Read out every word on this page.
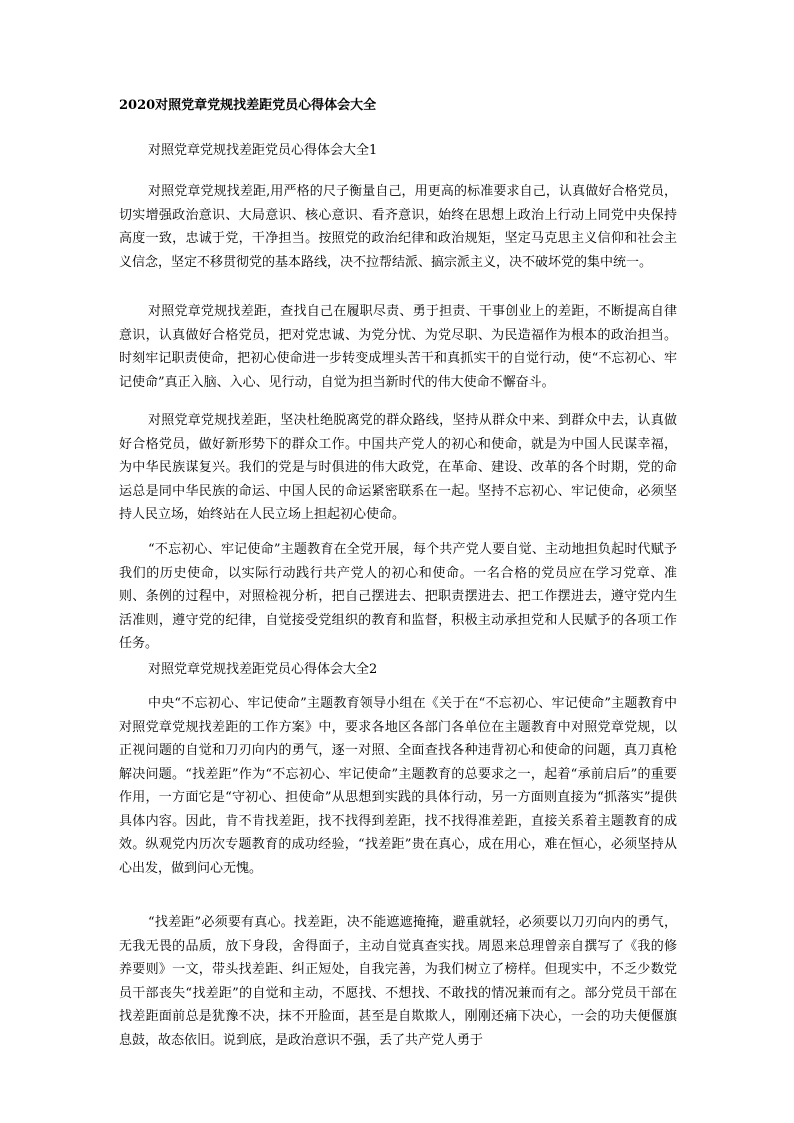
2020对照党章党规找差距党员心得体会大全
对照党章党规找差距党员心得体会大全1

对照党章党规找差距,用严格的尺子衡量自己，用更高的标准要求自己，认真做好合格党员，切实增强政治意识、大局意识、核心意识、看齐意识，始终在思想上政治上行动上同党中央保持高度一致，忠诚于党，干净担当。按照党的政治纪律和政治规矩，坚定马克思主义信仰和社会主义信念，坚定不移贯彻党的基本路线，决不拉帮结派、搞宗派主义，决不破坏党的集中统一。

对照党章党规找差距，查找自己在履职尽责、勇于担责、干事创业上的差距，不断提高自律意识，认真做好合格党员，把对党忠诚、为党分忧、为党尽职、为民造福作为根本的政治担当。时刻牢记职责使命，把初心使命进一步转变成埋头苦干和真抓实干的自觉行动，使“不忘初心、牢记使命”真正入脑、入心、见行动，自觉为担当新时代的伟大使命不懈奋斗。

对照党章党规找差距，坚决杜绝脱离党的群众路线，坚持从群众中来、到群众中去，认真做好合格党员，做好新形势下的群众工作。中国共产党人的初心和使命，就是为中国人民谋幸福，为中华民族谋复兴。我们的党是与时俱进的伟大政党，在革命、建设、改革的各个时期，党的命运总是同中华民族的命运、中国人民的命运紧密联系在一起。坚持不忘初心、牢记使命，必须坚持人民立场，始终站在人民立场上担起初心使命。

“不忘初心、牢记使命”主题教育在全党开展，每个共产党人要自觉、主动地担负起时代赋予我们的历史使命，以实际行动践行共产党人的初心和使命。一名合格的党员应在学习党章、准则、条例的过程中，对照检视分析，把自己摆进去、把职责摆进去、把工作摆进去，遵守党内生活准则，遵守党的纪律，自觉接受党组织的教育和监督，积极主动承担党和人民赋予的各项工作任务。

对照党章党规找差距党员心得体会大全2

中央“不忘初心、牢记使命”主题教育领导小组在《关于在“不忘初心、牢记使命”主题教育中对照党章党规找差距的工作方案》中，要求各地区各部门各单位在主题教育中对照党章党规，以正视问题的自觉和刀刃向内的勇气，逐一对照、全面查找各种违背初心和使命的问题，真刀真枪解决问题。“找差距”作为“不忘初心、牢记使命”主题教育的总要求之一，起着“承前启后”的重要作用，一方面它是“守初心、担使命”从思想到实践的具体行动，另一方面则直接为“抓落实”提供具体内容。因此，肯不肯找差距，找不找得到差距，找不找得准差距，直接关系着主题教育的成效。纵观党内历次专题教育的成功经验，“找差距”贵在真心，成在用心，难在恒心，必须坚持从心出发，做到问心无愧。

“找差距”必须要有真心。找差距，决不能遮遮掩掩，避重就轻，必须要以刀刃向内的勇气，无我无畏的品质，放下身段，舍得面子，主动自觉真查实找。周恩来总理曾亲自撰写了《我的修养要则》一文，带头找差距、纠正短处，自我完善，为我们树立了榜样。但现实中，不乏少数党员干部丧失“找差距”的自觉和主动，不愿找、不想找、不敢找的情况兼而有之。部分党员干部在找差距面前总是犹豫不决，抹不开脸面，甚至是自欺欺人，刚刚还痛下决心，一会的功夫便偃旗息鼓，故态依旧。说到底，是政治意识不强，丢了共产党人勇于
